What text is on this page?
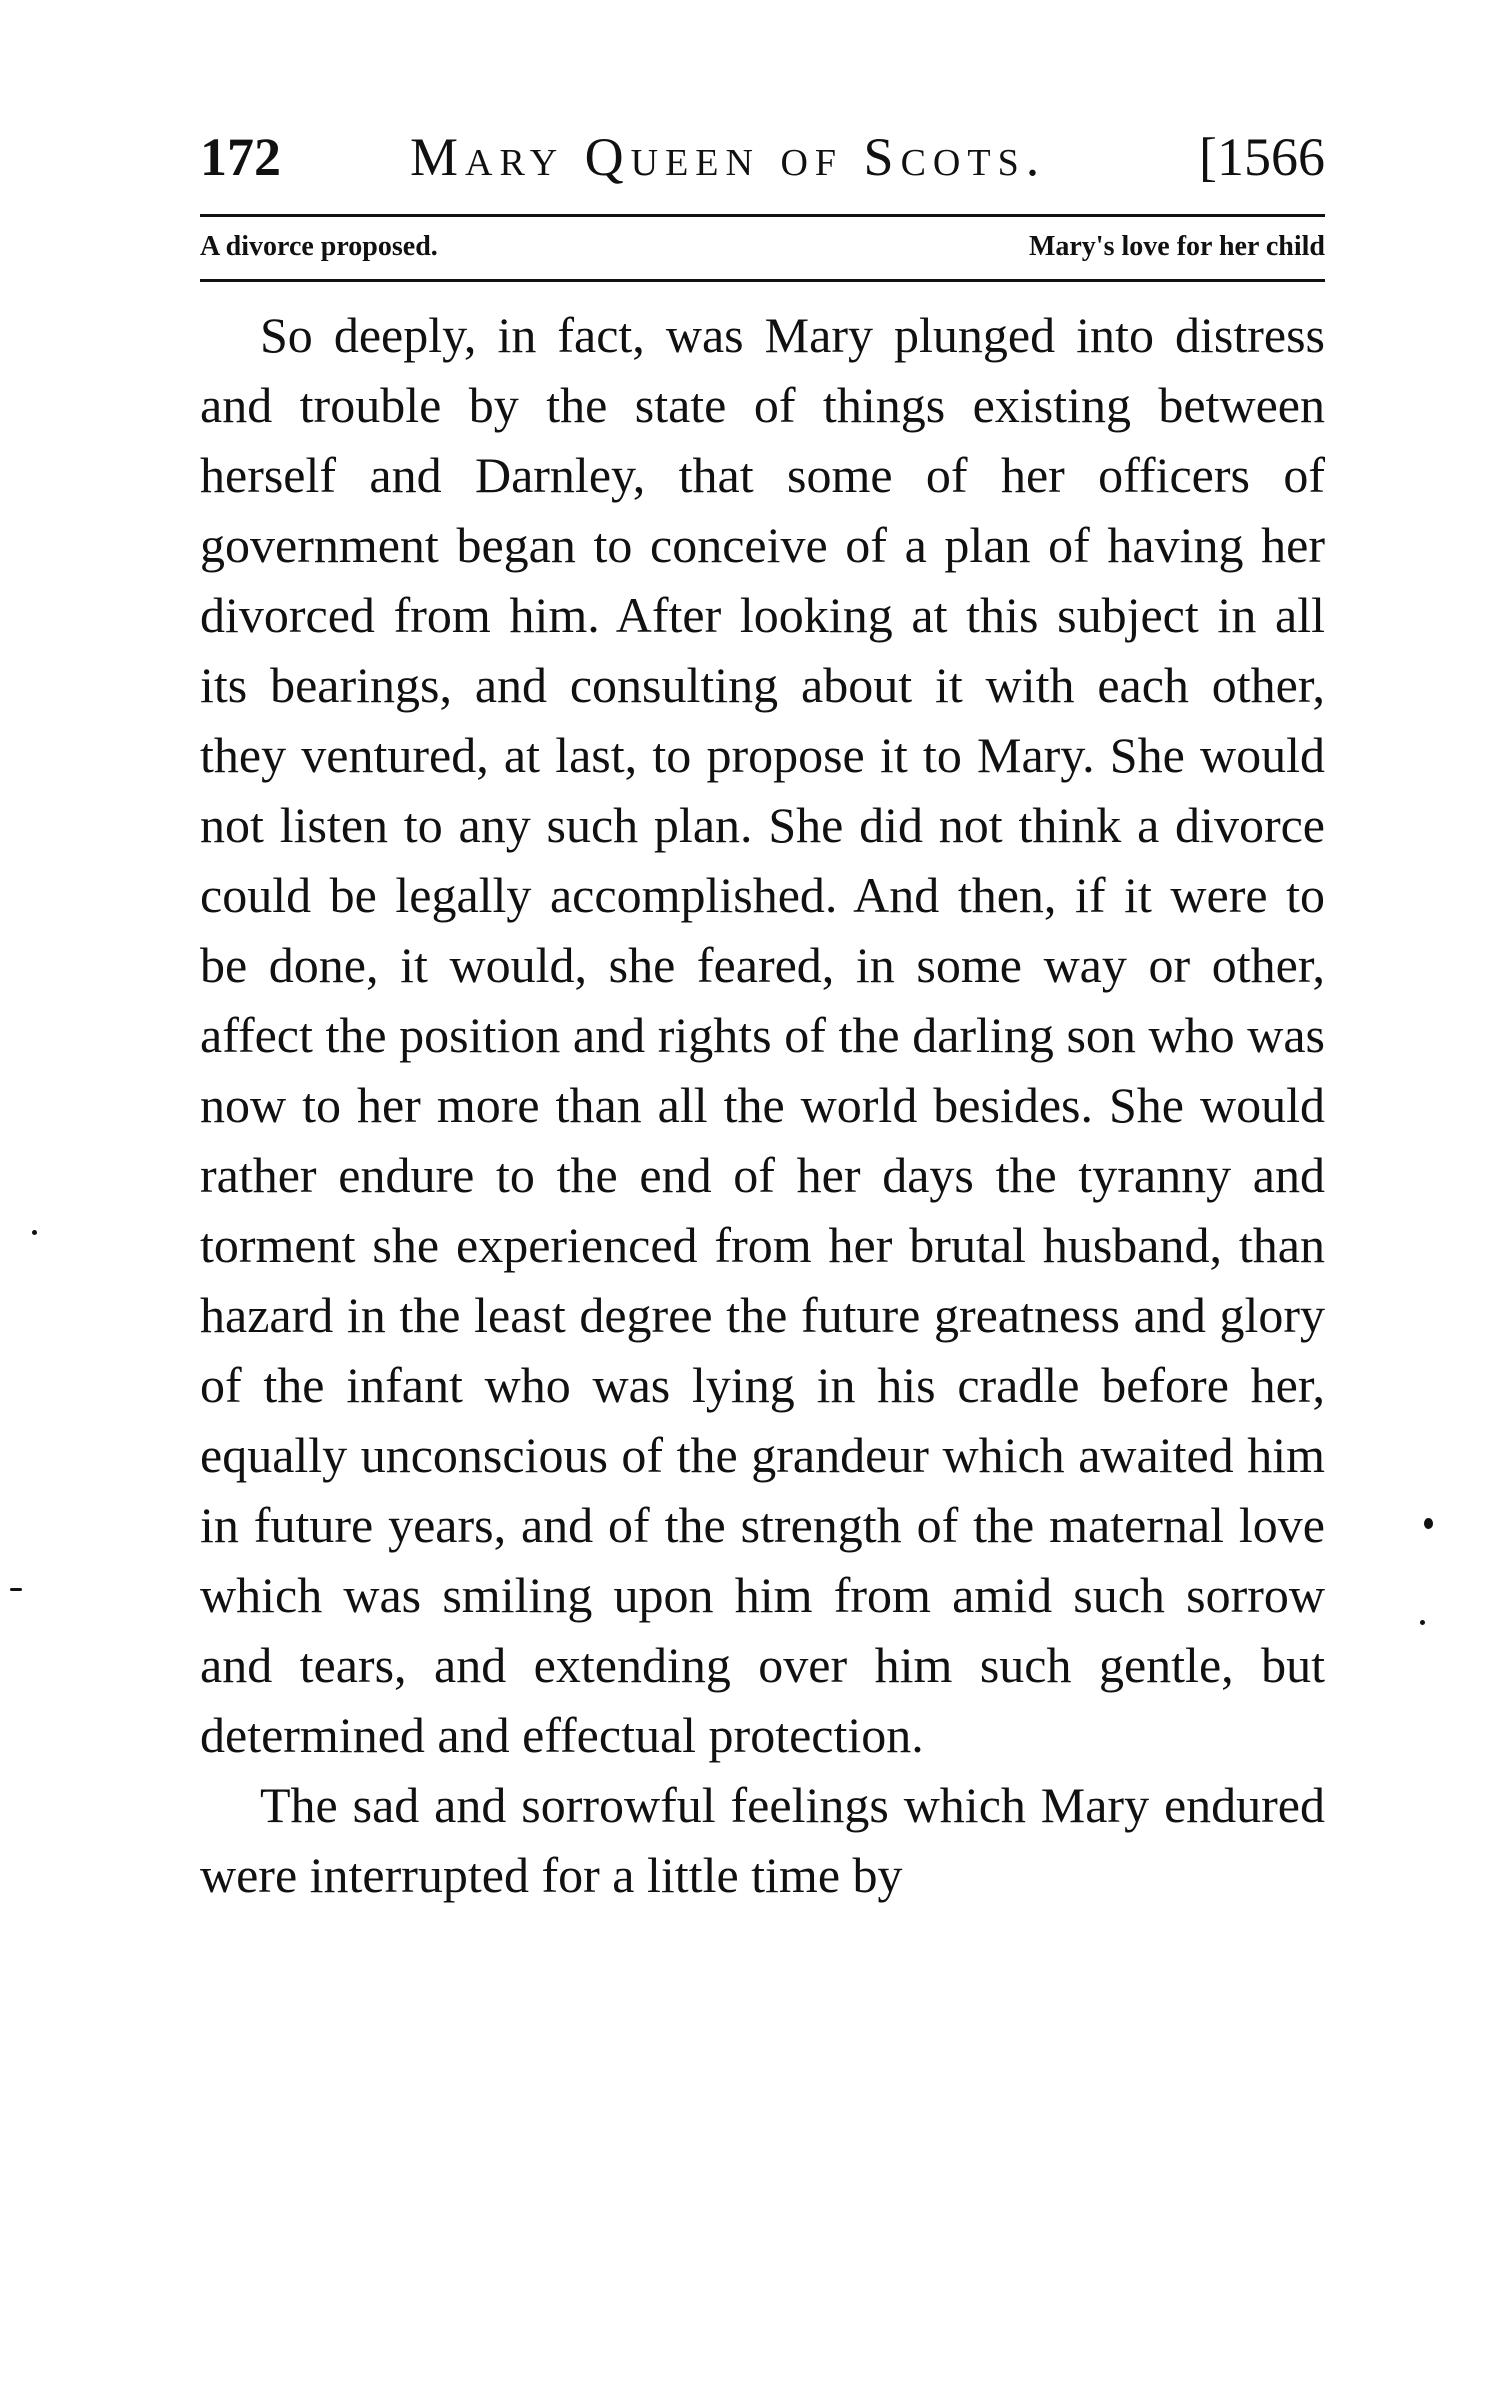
172 Mary Queen of Scots.	[1566
A divorce proposed.	Mary's love for her child

So deeply, in fact, was Mary plunged into distress and trouble by the state of things existing between herself and Darnley, that some of her officers of government began to conceive of a plan of having her divorced from him. After looking at this subject in all its bearings, and consulting about it with each other, they ventured, at last, to propose it to Mary. She would not listen to any such plan. She did not think a divorce could be legally accomplished. And then, if it were to be done, it would, she feared, in some way or other, affect the position and rights of the darling son who was now to her more than all the world besides. She would rather endure to the end of her days the tyranny and torment she experienced from her brutal husband, than hazard in the least degree the future greatness and glory of the infant who was lying in his cradle before her, equally unconscious of the grandeur which awaited him in future years, and of the strength of the maternal love which was smiling upon him from amid such sorrow and tears, and extending over him such gentle, but determined and effectual protection.

The sad and sorrowful feelings which Mary endured were interrupted for a little time by
